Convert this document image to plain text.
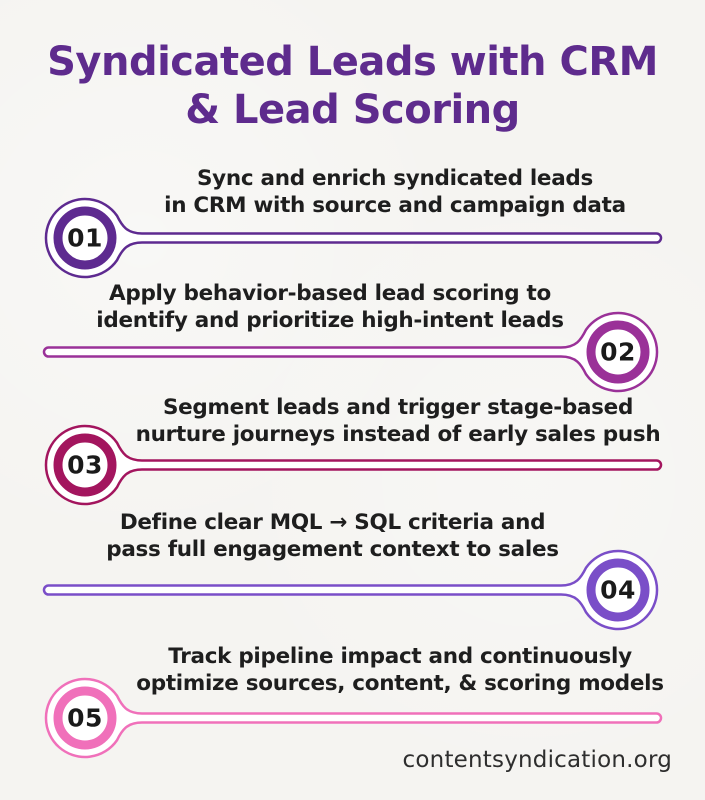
Syndicated Leads with CRM
& Lead Scoring
Sync and enrich syndicated leads
in CRM with source and campaign data
01
Apply behavior-based lead scoring to
identify and prioritize high-intent leads
02
Segment leads and trigger stage-based
nurture journeys instead of early sales push
03
Define clear MQL → SQL criteria and
pass full engagement context to sales
04
Track pipeline impact and continuously
optimize sources, content, & scoring models
05
contentsyndication.org
